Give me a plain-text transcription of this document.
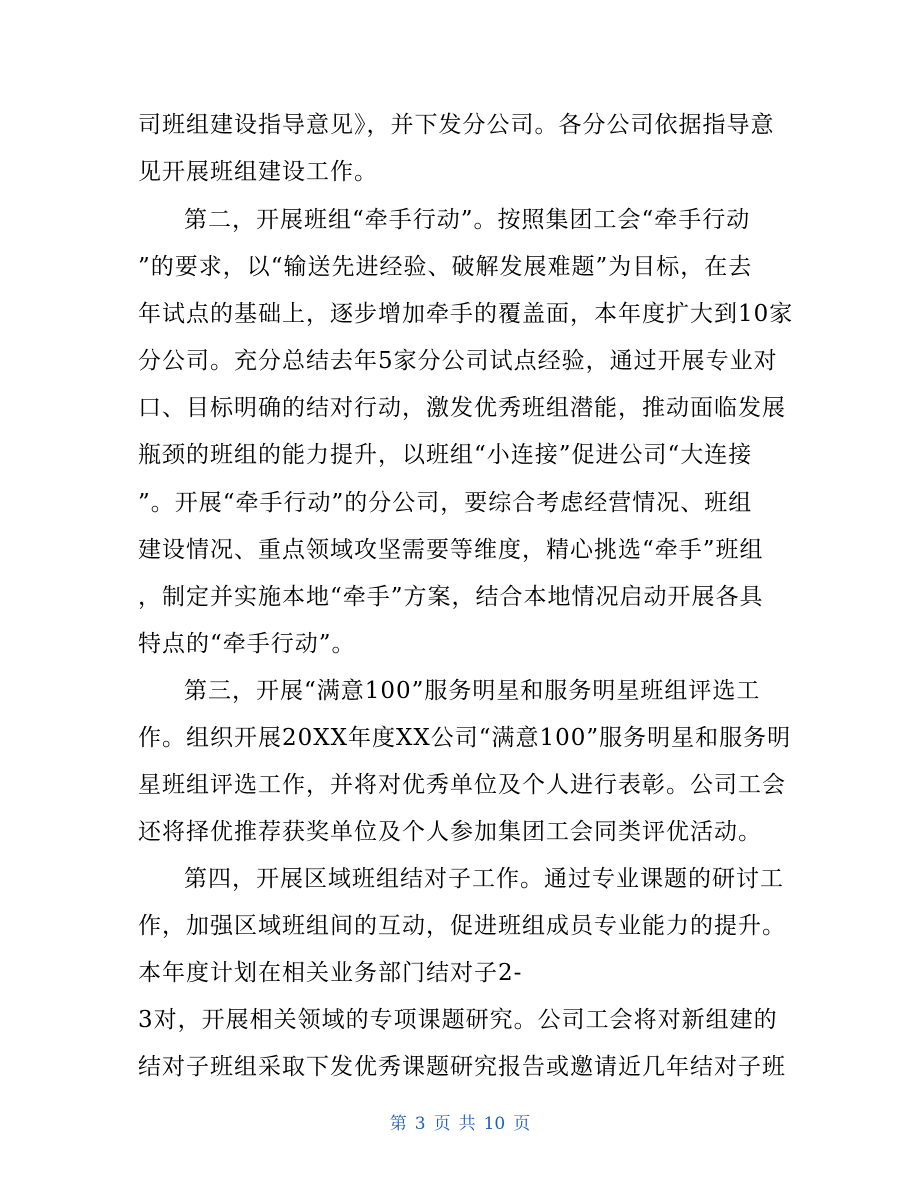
司班组建设指导意见》，并下发分公司。各分公司依据指导意
见开展班组建设工作。
第二，开展班组“牵手行动”。按照集团工会“牵手行动
”的要求，以“输送先进经验、破解发展难题”为目标，在去
年试点的基础上，逐步增加牵手的覆盖面，本年度扩大到10家
分公司。充分总结去年5家分公司试点经验，通过开展专业对
口、目标明确的结对行动，激发优秀班组潜能，推动面临发展
瓶颈的班组的能力提升，以班组“小连接”促进公司“大连接
”。开展“牵手行动”的分公司，要综合考虑经营情况、班组
建设情况、重点领域攻坚需要等维度，精心挑选“牵手”班组
，制定并实施本地“牵手”方案，结合本地情况启动开展各具
特点的“牵手行动”。
第三，开展“满意100”服务明星和服务明星班组评选工
作。组织开展20XX年度XX公司“满意100”服务明星和服务明
星班组评选工作，并将对优秀单位及个人进行表彰。公司工会
还将择优推荐获奖单位及个人参加集团工会同类评优活动。
第四，开展区域班组结对子工作。通过专业课题的研讨工
作，加强区域班组间的互动，促进班组成员专业能力的提升。
本年度计划在相关业务部门结对子2-
3对，开展相关领域的专项课题研究。公司工会将对新组建的
结对子班组采取下发优秀课题研究报告或邀请近几年结对子班
第 3 页 共 10 页
